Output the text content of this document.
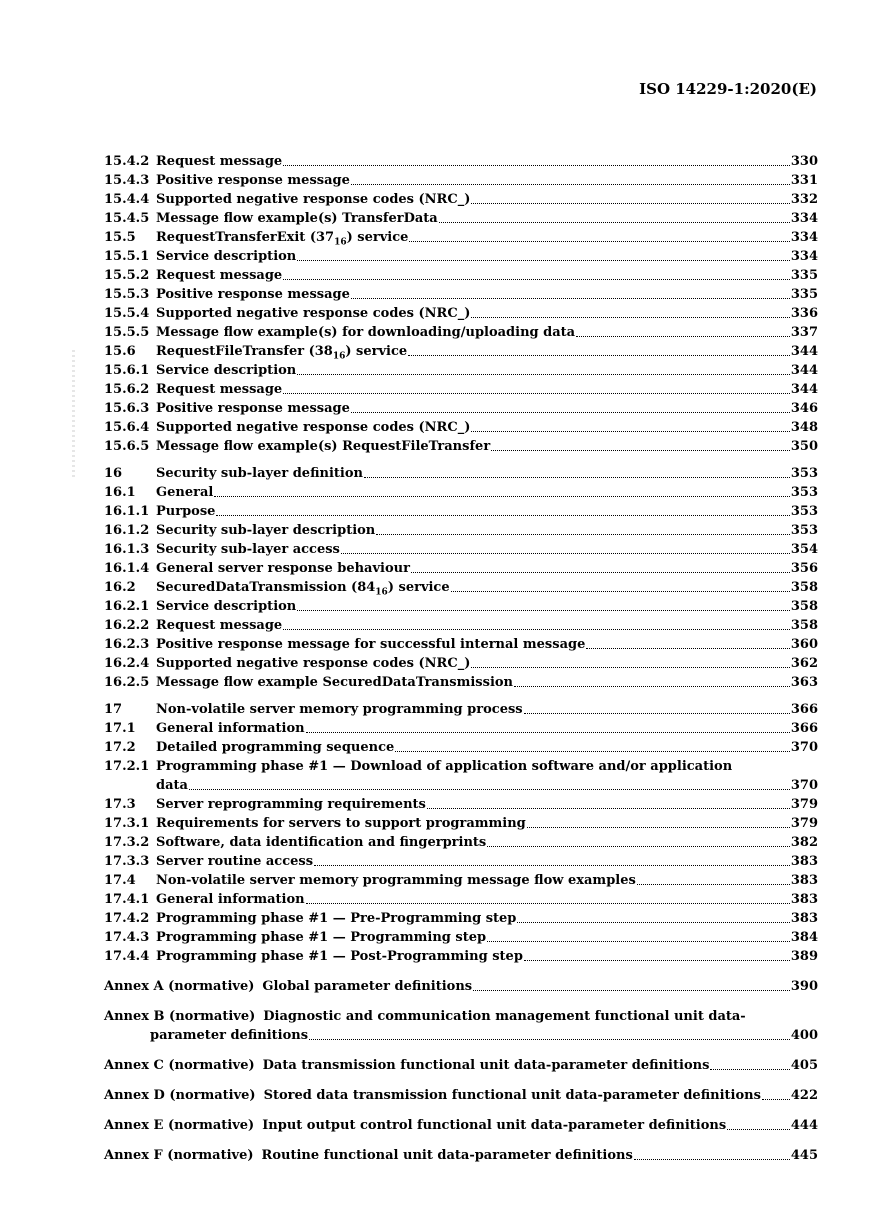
ISO 14229-1:2020(E)
15.4.2 Request message	330
15.4.3 Positive response message	331
15.4.4 Supported negative response codes (NRC_)	332
15.4.5 Message flow example(s) TransferData	334
15.5	RequestTransferExit $(37_{16})$ service	334
15.5.1 Service description	334
15.5.2 Request message	335
15.5.3 Positive response message	335
15.5.4 Supported negative response codes (NRC_)	336
15.5.5 Message flow example(s) for downloading/uploading data	337
15.6	RequestFileTransfer $(38_{16})$ service	344
15.6.1 Service description	344
15.6.2 Request message	344
15.6.3 Positive response message	346
15.6.4 Supported negative response codes (NRC_)	348
15.6.5 Message flow example(s) RequestFileTransfer	350
16	Security sub-layer definition	353
16.1	General	353
16.1.1 Purpose	353
16.1.2 Security sub-layer description	353
16.1.3 Security sub-layer access	354
16.1.4 General server response behaviour	356
16.2	SecuredDataTransmission $(84_{16})$ service	358
16.2.1 Service description	358
16.2.2 Request message	358
16.2.3 Positive response message for successful internal message	360
16.2.4 Supported negative response codes (NRC_)	362
16.2.5 Message flow example SecuredDataTransmission	363
17	Non-volatile server memory programming process	366
17.1	General information	366
17.2	Detailed programming sequence	370
17.2.1 Programming phase #1 — Download of application software and/or application
data	370
17.3	Server reprogramming requirements	379
17.3.1 Requirements for servers to support programming	379
17.3.2 Software, data identification and fingerprints	382
17.3.3 Server routine access	383
17.4	Non-volatile server memory programming message flow examples	383
17.4.1 General information	383
17.4.2 Programming phase #1 — Pre-Programming step	383
17.4.3 Programming phase #1 — Programming step	384
17.4.4 Programming phase #1 — Post-Programming step	389
Annex A (normative) Global parameter definitions	390
Annex B (normative) Diagnostic and communication management functional unit data-
parameter definitions	400
Annex C (normative) Data transmission functional unit data-parameter definitions	405
Annex D (normative) Stored data transmission functional unit data-parameter definitions 422
Annex E (normative) Input output control functional unit data-parameter definitions	444
Annex F (normative) Routine functional unit data-parameter definitions	445
